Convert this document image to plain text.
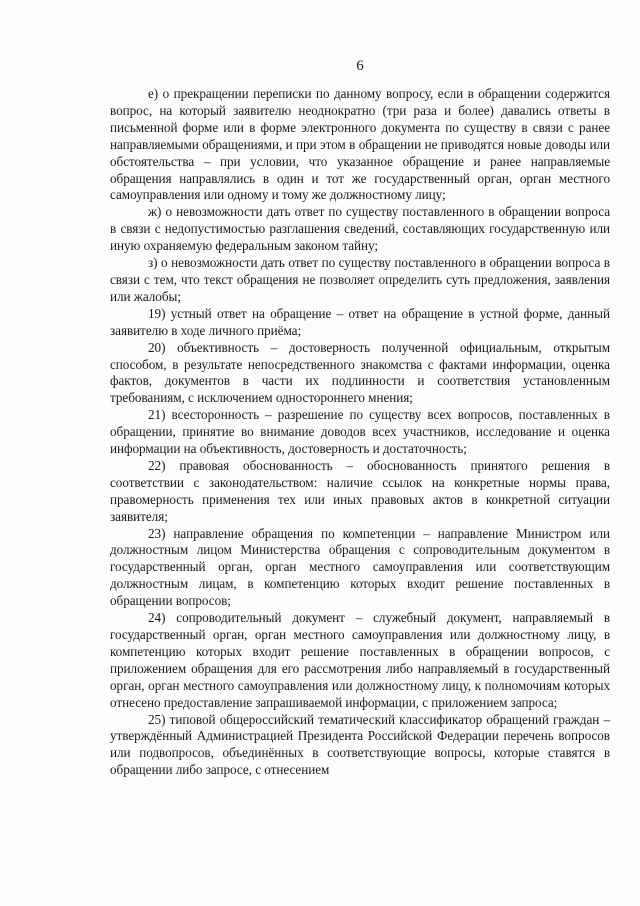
6

е) о прекращении переписки по данному вопросу, если в обращении содержится вопрос, на который заявителю неоднократно (три раза и более) давались ответы в письменной форме или в форме электронного документа по существу в связи с ранее направляемыми обращениями, и при этом в обращении не приводятся новые доводы или обстоятельства – при условии, что указанное обращение и ранее направляемые обращения направлялись в один и тот же государственный орган, орган местного самоуправления или одному и тому же должностному лицу;

ж) о невозможности дать ответ по существу поставленного в обращении вопроса в связи с недопустимостью разглашения сведений, составляющих государственную или иную охраняемую федеральным законом тайну;

з) о невозможности дать ответ по существу поставленного в обращении вопроса в связи с тем, что текст обращения не позволяет определить суть предложения, заявления или жалобы;

19) устный ответ на обращение – ответ на обращение в устной форме, данный заявителю в ходе личного приёма;

20) объективность – достоверность полученной официальным, открытым способом, в результате непосредственного знакомства с фактами информации, оценка фактов, документов в части их подлинности и соответствия установленным требованиям, с исключением одностороннего мнения;

21) всесторонность – разрешение по существу всех вопросов, поставленных в обращении, принятие во внимание доводов всех участников, исследование и оценка информации на объективность, достоверность и достаточность;

22) правовая обоснованность – обоснованность принятого решения в соответствии с законодательством: наличие ссылок на конкретные нормы права, правомерность применения тех или иных правовых актов в конкретной ситуации заявителя;

23) направление обращения по компетенции – направление Министром или должностным лицом Министерства обращения с сопроводительным документом в государственный орган, орган местного самоуправления или соответствующим должностным лицам, в компетенцию которых входит решение поставленных в обращении вопросов;

24) сопроводительный документ – служебный документ, направляемый в государственный орган, орган местного самоуправления или должностному лицу, в компетенцию которых входит решение поставленных в обращении вопросов, с приложением обращения для его рассмотрения либо направляемый в государственный орган, орган местного самоуправления или должностному лицу, к полномочиям которых отнесено предоставление запрашиваемой информации, с приложением запроса;

25) типовой общероссийский тематический классификатор обращений граждан – утверждённый Администрацией Президента Российской Федерации перечень вопросов или подвопросов, объединённых в соответствующие вопросы, которые ставятся в обращении либо запросе, с отнесением
